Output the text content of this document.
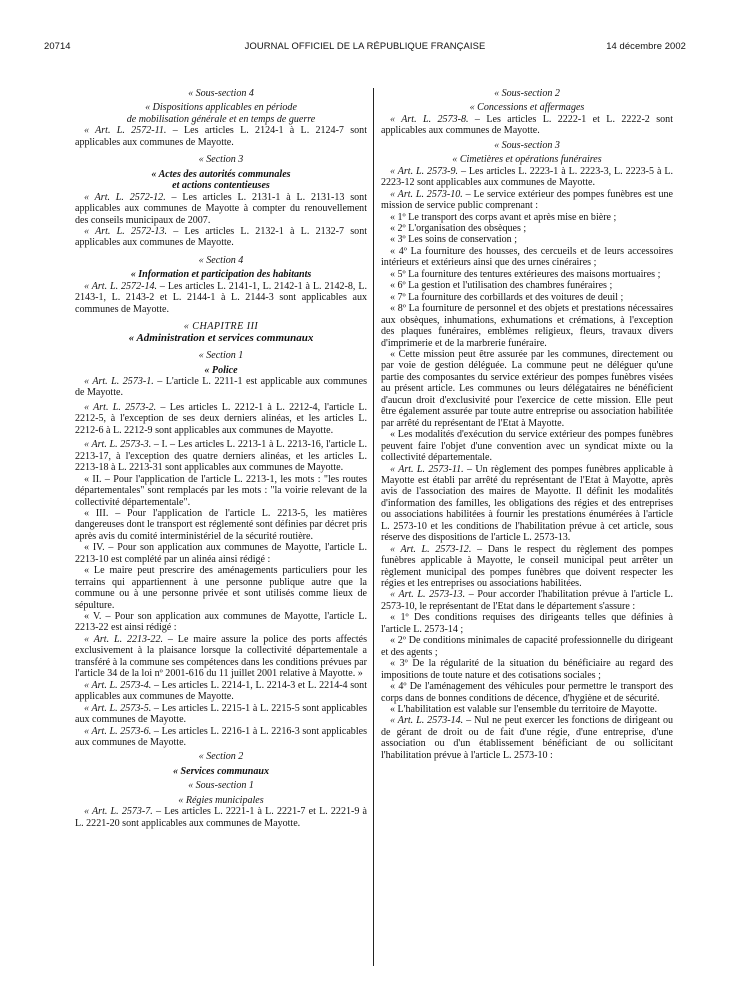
20714	JOURNAL OFFICIEL DE LA RÉPUBLIQUE FRANÇAISE	14 décembre 2002

« Sous-section 4

« Dispositions applicables en période

de mobilisation générale et en temps de guerre

« Art. L. 2572-11. – Les articles L. 2124-1 à L. 2124-7 sont applicables aux communes de Mayotte.

« Section 3

« Actes des autorités communales

et actions contentieuses

« Art. L. 2572-12. – Les articles L. 2131-1 à L. 2131-13 sont applicables aux communes de Mayotte à compter du renouvellement des conseils municipaux de 2007.

« Art. L. 2572-13. – Les articles L. 2132-1 à L. 2132-7 sont applicables aux communes de Mayotte.

« Section 4

« Information et participation des habitants

« Art. L. 2572-14. – Les articles L. 2141-1, L. 2142-1 à L. 2142-8, L. 2143-1, L. 2143-2 et L. 2144-1 à L. 2144-3 sont applicables aux communes de Mayotte.

« CHAPITRE III

« Administration et services communaux

« Section 1

« Police

« Art. L. 2573-1. – L'article L. 2211-1 est applicable aux communes de Mayotte.

« Art. L. 2573-2. – Les articles L. 2212-1 à L. 2212-4, l'article L. 2212-5, à l'exception de ses deux derniers alinéas, et les articles L. 2212-6 à L. 2212-9 sont applicables aux communes de Mayotte.

« Art. L. 2573-3. – I. – Les articles L. 2213-1 à L. 2213-16, l'article L. 2213-17, à l'exception des quatre derniers alinéas, et les articles L. 2213-18 à L. 2213-31 sont applicables aux communes de Mayotte.

« II. – Pour l'application de l'article L. 2213-1, les mots : "les routes départementales" sont remplacés par les mots : "la voirie relevant de la collectivité départementale".

« III. – Pour l'application de l'article L. 2213-5, les matières dangereuses dont le transport est réglementé sont définies par décret pris après avis du comité interministériel de la sécurité routière.

« IV. – Pour son application aux communes de Mayotte, l'article L. 2213-10 est complété par un alinéa ainsi rédigé :

« Le maire peut prescrire des aménagements particuliers pour les terrains qui appartiennent à une personne publique autre que la commune ou à une personne privée et sont utilisés comme lieux de sépulture.

« V. – Pour son application aux communes de Mayotte, l'article L. 2213-22 est ainsi rédigé :

« Art. L. 2213-22. – Le maire assure la police des ports affectés exclusivement à la plaisance lorsque la collectivité départementale a transféré à la commune ses compétences dans les conditions prévues par l'article 34 de la loi nº 2001-616 du 11 juillet 2001 relative à Mayotte. »

« Art. L. 2573-4. – Les articles L. 2214-1, L. 2214-3 et L. 2214-4 sont applicables aux communes de Mayotte.

« Art. L. 2573-5. – Les articles L. 2215-1 à L. 2215-5 sont applicables aux communes de Mayotte.

« Art. L. 2573-6. – Les articles L. 2216-1 à L. 2216-3 sont applicables aux communes de Mayotte.

« Section 2

« Services communaux

« Sous-section 1

« Régies municipales

« Art. L. 2573-7. – Les articles L. 2221-1 à L. 2221-7 et L. 2221-9 à L. 2221-20 sont applicables aux communes de Mayotte.

« Sous-section 2

« Concessions et affermages

« Art. L. 2573-8. – Les articles L. 2222-1 et L. 2222-2 sont applicables aux communes de Mayotte.

« Sous-section 3

« Cimetières et opérations funéraires

« Art. L. 2573-9. – Les articles L. 2223-1 à L. 2223-3, L. 2223-5 à L. 2223-12 sont applicables aux communes de Mayotte.

« Art. L. 2573-10. – Le service extérieur des pompes funèbres est une mission de service public comprenant :

« 1º Le transport des corps avant et après mise en bière ;

« 2º L'organisation des obsèques ;

« 3º Les soins de conservation ;

« 4º La fourniture des housses, des cercueils et de leurs accessoires intérieurs et extérieurs ainsi que des urnes cinéraires ;

« 5º La fourniture des tentures extérieures des maisons mortuaires ;

« 6º La gestion et l'utilisation des chambres funéraires ;

« 7º La fourniture des corbillards et des voitures de deuil ;

« 8º La fourniture de personnel et des objets et prestations nécessaires aux obsèques, inhumations, exhumations et crémations, à l'exception des plaques funéraires, emblèmes religieux, fleurs, travaux divers d'imprimerie et de la marbrerie funéraire.

« Cette mission peut être assurée par les communes, directement ou par voie de gestion déléguée. La commune peut ne déléguer qu'une partie des composantes du service extérieur des pompes funèbres visées au présent article. Les communes ou leurs délégataires ne bénéficient d'aucun droit d'exclusivité pour l'exercice de cette mission. Elle peut être également assurée par toute autre entreprise ou association habilitée par arrêté du représentant de l'Etat à Mayotte.

« Les modalités d'exécution du service extérieur des pompes funèbres peuvent faire l'objet d'une convention avec un syndicat mixte ou la collectivité départementale.

« Art. L. 2573-11. – Un règlement des pompes funèbres applicable à Mayotte est établi par arrêté du représentant de l'Etat à Mayotte, après avis de l'association des maires de Mayotte. Il définit les modalités d'information des familles, les obligations des régies et des entreprises ou associations habilitées à fournir les prestations énumérées à l'article L. 2573-10 et les conditions de l'habilitation prévue à cet article, sous réserve des dispositions de l'article L. 2573-13.

« Art. L. 2573-12. – Dans le respect du règlement des pompes funèbres applicable à Mayotte, le conseil municipal peut arrêter un règlement municipal des pompes funèbres que doivent respecter les régies et les entreprises ou associations habilitées.

« Art. L. 2573-13. – Pour accorder l'habilitation prévue à l'article L. 2573-10, le représentant de l'Etat dans le département s'assure :

« 1º Des conditions requises des dirigeants telles que définies à l'article L. 2573-14 ;

« 2º De conditions minimales de capacité professionnelle du dirigeant et des agents ;

« 3º De la régularité de la situation du bénéficiaire au regard des impositions de toute nature et des cotisations sociales ;

« 4º De l'aménagement des véhicules pour permettre le transport des corps dans de bonnes conditions de décence, d'hygiène et de sécurité.

« L'habilitation est valable sur l'ensemble du territoire de Mayotte.

« Art. L. 2573-14. – Nul ne peut exercer les fonctions de dirigeant ou de gérant de droit ou de fait d'une régie, d'une entreprise, d'une association ou d'un établissement bénéficiant de ou sollicitant l'habilitation prévue à l'article L. 2573-10 :
